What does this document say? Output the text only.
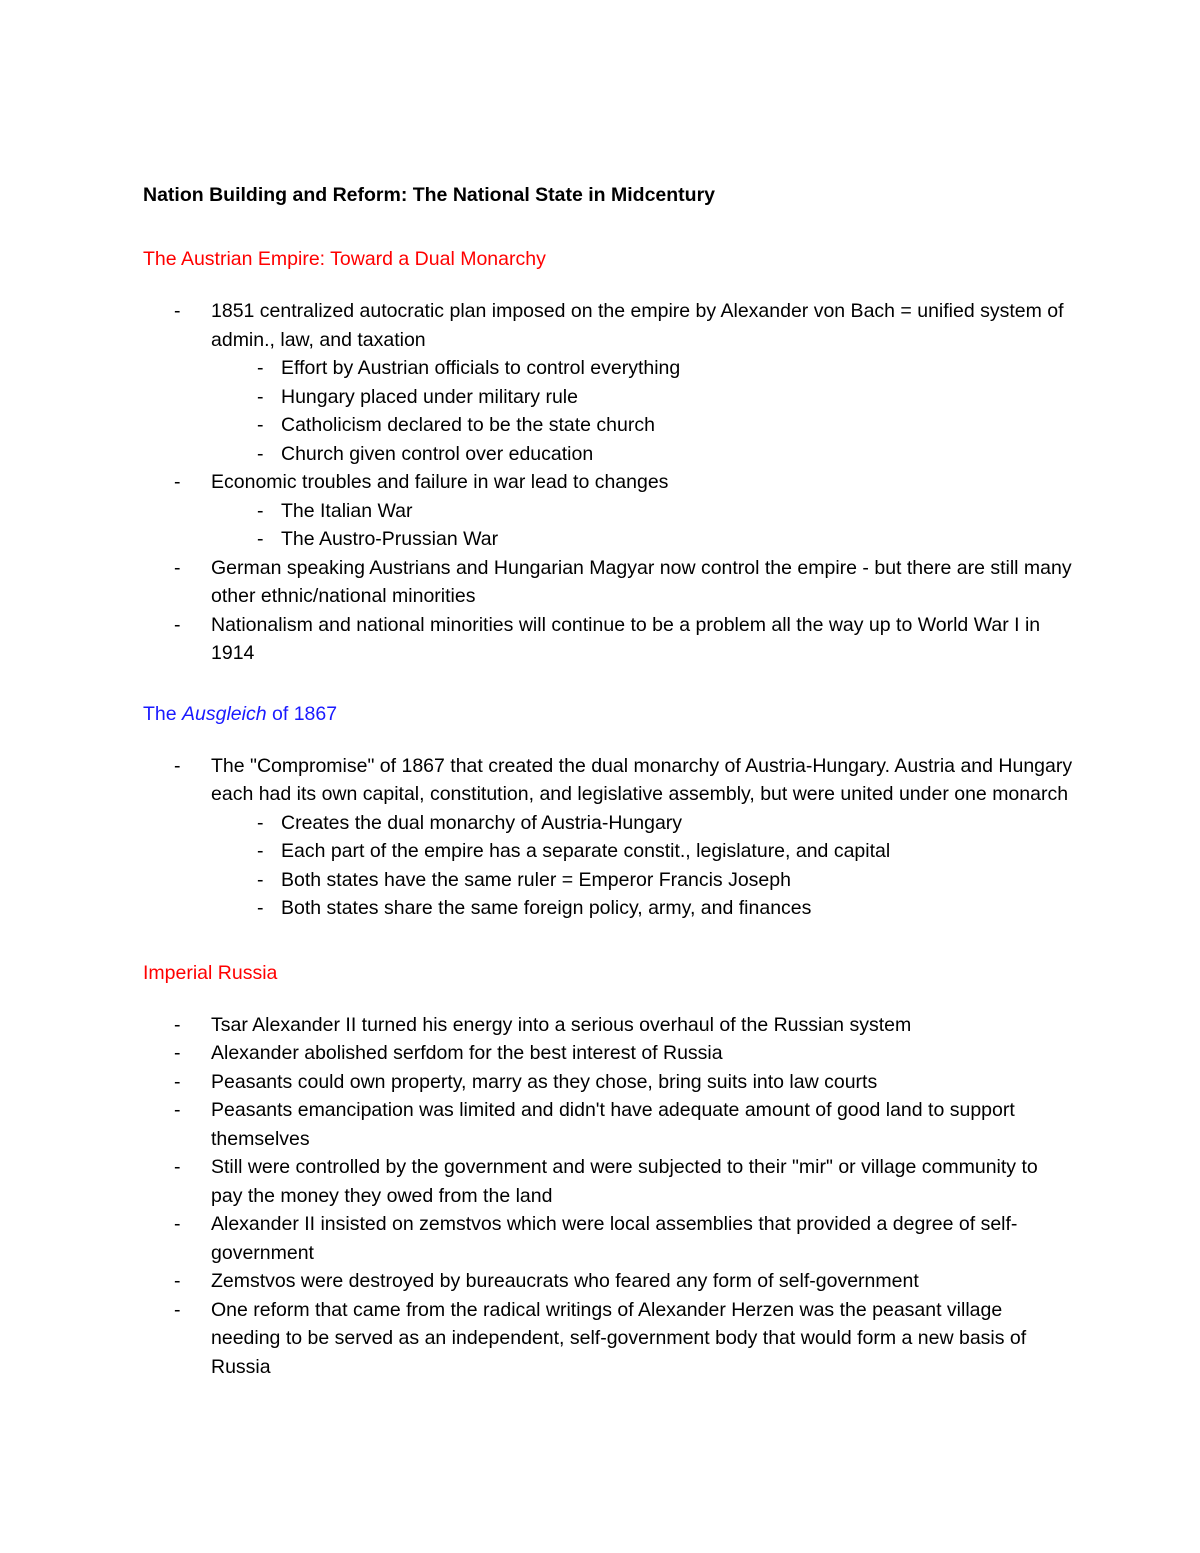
Nation Building and Reform: The National State in Midcentury
The Austrian Empire: Toward a Dual Monarchy
- 1851 centralized autocratic plan imposed on the empire by Alexander von Bach = unified system of admin., law, and taxation
- Effort by Austrian officials to control everything
- Hungary placed under military rule
- Catholicism declared to be the state church
- Church given control over education
- Economic troubles and failure in war lead to changes
- The Italian War
- The Austro-Prussian War
- German speaking Austrians and Hungarian Magyar now control the empire - but there are still many other ethnic/national minorities
- Nationalism and national minorities will continue to be a problem all the way up to World War I in 1914
The Ausgleich of 1867
- The "Compromise" of 1867 that created the dual monarchy of Austria-Hungary. Austria and Hungary each had its own capital, constitution, and legislative assembly, but were united under one monarch
- Creates the dual monarchy of Austria-Hungary
- Each part of the empire has a separate constit., legislature, and capital
- Both states have the same ruler = Emperor Francis Joseph
- Both states share the same foreign policy, army, and finances
Imperial Russia
- Tsar Alexander II turned his energy into a serious overhaul of the Russian system
- Alexander abolished serfdom for the best interest of Russia
- Peasants could own property, marry as they chose, bring suits into law courts
- Peasants emancipation was limited and didn't have adequate amount of good land to support themselves
- Still were controlled by the government and were subjected to their "mir" or village community to pay the money they owed from the land
- Alexander II insisted on zemstvos which were local assemblies that provided a degree of self-government
- Zemstvos were destroyed by bureaucrats who feared any form of self-government
- One reform that came from the radical writings of Alexander Herzen was the peasant village needing to be served as an independent, self-government body that would form a new basis of Russia
